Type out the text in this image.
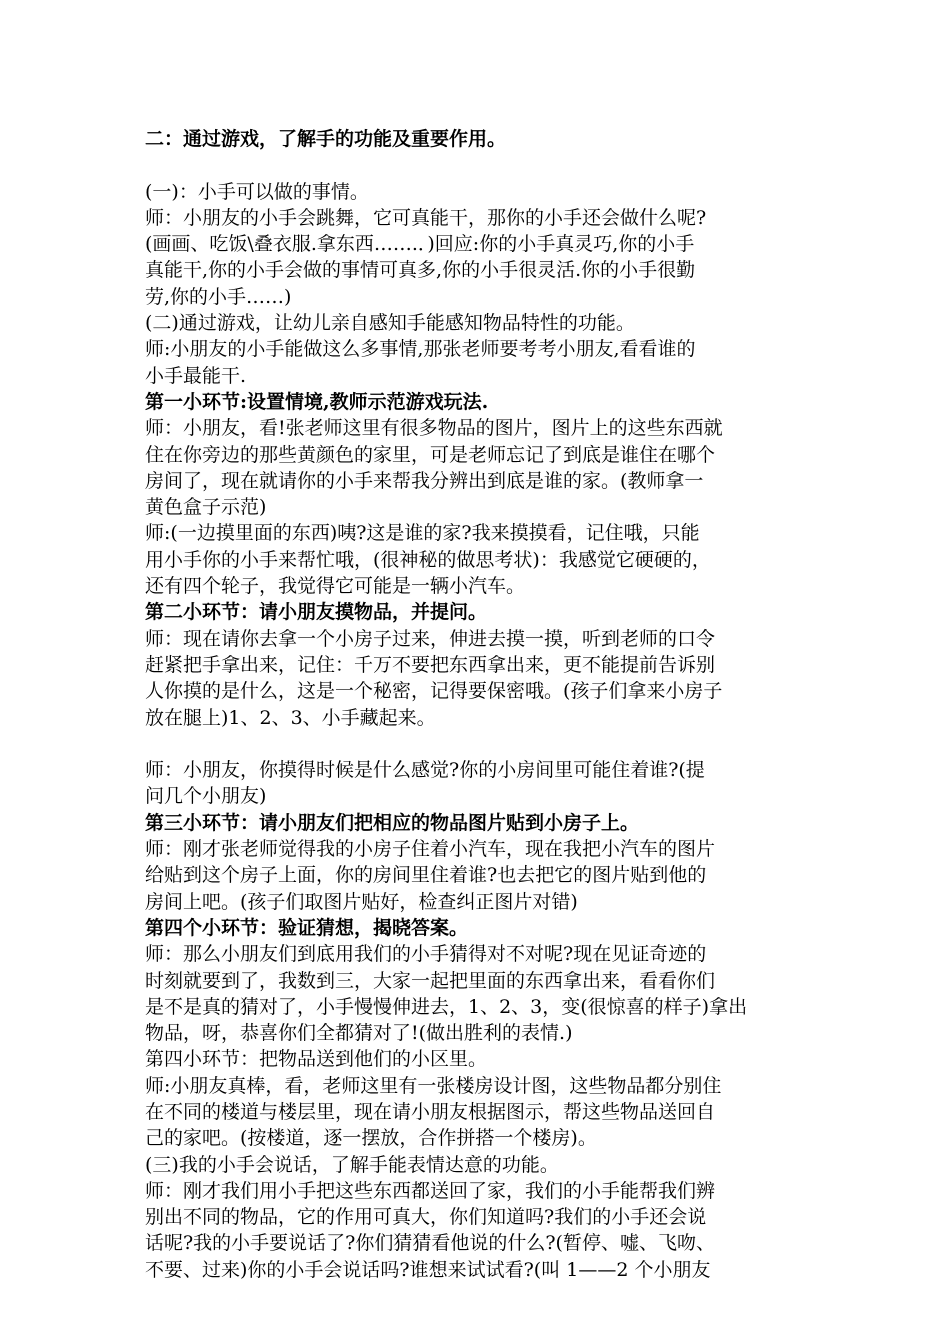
二：通过游戏，了解手的功能及重要作用。
(一)：小手可以做的事情。
师：小朋友的小手会跳舞，它可真能干，那你的小手还会做什么呢?
(画画、吃饭\叠衣服.拿东西…….．)回应:你的小手真灵巧,你的小手
真能干,你的小手会做的事情可真多,你的小手很灵活.你的小手很勤
劳,你的小手……)
(二)通过游戏，让幼儿亲自感知手能感知物品特性的功能。
师:小朋友的小手能做这么多事情,那张老师要考考小朋友,看看谁的
小手最能干.
第一小环节:设置情境,教师示范游戏玩法.
师：小朋友，看!张老师这里有很多物品的图片，图片上的这些东西就
住在你旁边的那些黄颜色的家里，可是老师忘记了到底是谁住在哪个
房间了，现在就请你的小手来帮我分辨出到底是谁的家。(教师拿一
黄色盒子示范)
师:(一边摸里面的东西)咦?这是谁的家?我来摸摸看，记住哦，只能
用小手你的小手来帮忙哦，(很神秘的做思考状)：我感觉它硬硬的，
还有四个轮子，我觉得它可能是一辆小汽车。
第二小环节：请小朋友摸物品，并提问。
师：现在请你去拿一个小房子过来，伸进去摸一摸，听到老师的口令
赶紧把手拿出来，记住：千万不要把东西拿出来，更不能提前告诉别
人你摸的是什么，这是一个秘密，记得要保密哦。(孩子们拿来小房子
放在腿上)1、2、3、小手藏起来。
师：小朋友，你摸得时候是什么感觉?你的小房间里可能住着谁?(提
问几个小朋友)
第三小环节：请小朋友们把相应的物品图片贴到小房子上。
师：刚才张老师觉得我的小房子住着小汽车，现在我把小汽车的图片
给贴到这个房子上面，你的房间里住着谁?也去把它的图片贴到他的
房间上吧。(孩子们取图片贴好，检查纠正图片对错)
第四个小环节：验证猜想，揭晓答案。
师：那么小朋友们到底用我们的小手猜得对不对呢?现在见证奇迹的
时刻就要到了，我数到三，大家一起把里面的东西拿出来，看看你们
是不是真的猜对了，小手慢慢伸进去，1、2、3，变(很惊喜的样子)拿出
物品，呀，恭喜你们全都猜对了!(做出胜利的表情.)
第四小环节：把物品送到他们的小区里。
师:小朋友真棒，看，老师这里有一张楼房设计图，这些物品都分别住
在不同的楼道与楼层里，现在请小朋友根据图示，帮这些物品送回自
己的家吧。(按楼道，逐一摆放，合作拼搭一个楼房)。
(三)我的小手会说话，了解手能表情达意的功能。
师：刚才我们用小手把这些东西都送回了家，我们的小手能帮我们辨
别出不同的物品，它的作用可真大，你们知道吗?我们的小手还会说
话呢?我的小手要说话了?你们猜猜看他说的什么?(暂停、嘘、飞吻、
不要、过来)你的小手会说话吗?谁想来试试看?(叫 1——2 个小朋友
